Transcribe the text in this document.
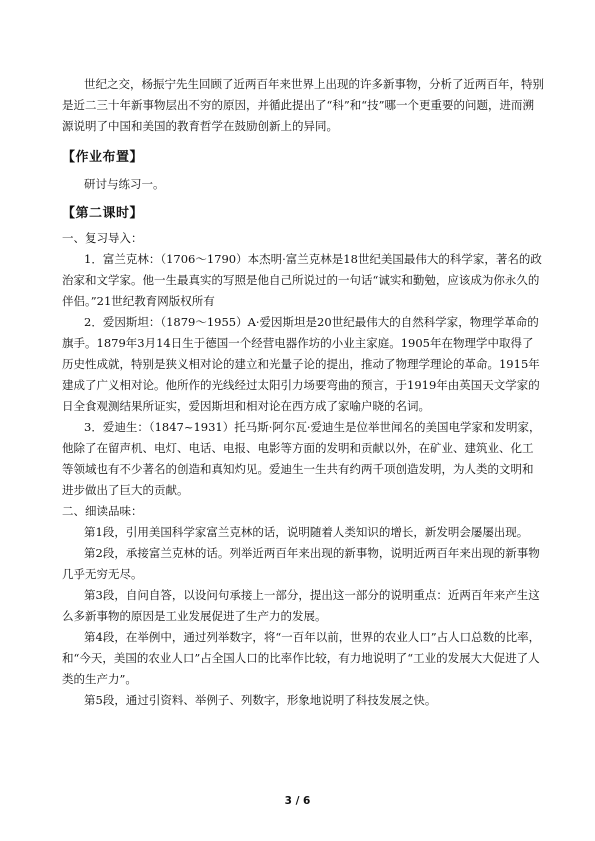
世纪之交，杨振宁先生回顾了近两百年来世界上出现的许多新事物，分析了近两百年，特别是近二三十年新事物层出不穷的原因，并循此提出了“科”和“技”哪一个更重要的问题，进而溯源说明了中国和美国的教育哲学在鼓励创新上的异同。

【作业布置】

研讨与练习一。

【第二课时】

一、复习导入：

1．富兰克林：（1706～1790）本杰明·富兰克林是18世纪美国最伟大的科学家，著名的政治家和文学家。他一生最真实的写照是他自己所说过的一句话“诚实和勤勉，应该成为你永久的伴侣。”21世纪教育网版权所有

2．爱因斯坦：（1879～1955）A·爱因斯坦是20世纪最伟大的自然科学家，物理学革命的旗手。1879年3月14日生于德国一个经营电器作坊的小业主家庭。1905年在物理学中取得了历史性成就，特别是狭义相对论的建立和光量子论的提出，推动了物理学理论的革命。1915年建成了广义相对论。他所作的光线经过太阳引力场要弯曲的预言，于1919年由英国天文学家的日全食观测结果所证实，爱因斯坦和相对论在西方成了家喻户晓的名词。

3．爱迪生：（1847~1931）托马斯·阿尔瓦·爱迪生是位举世闻名的美国电学家和发明家，他除了在留声机、电灯、电话、电报、电影等方面的发明和贡献以外，在矿业、建筑业、化工等领域也有不少著名的创造和真知灼见。爱迪生一生共有约两千项创造发明，为人类的文明和进步做出了巨大的贡献。

二、细读品味：

第1段，引用美国科学家富兰克林的话，说明随着人类知识的增长，新发明会屡屡出现。

第2段，承接富兰克林的话。列举近两百年来出现的新事物，说明近两百年来出现的新事物几乎无穷无尽。

第3段，自问自答，以设问句承接上一部分，提出这一部分的说明重点：近两百年来产生这么多新事物的原因是工业发展促进了生产力的发展。

第4段，在举例中，通过列举数字，将“一百年以前，世界的农业人口”占人口总数的比率，和“今天，美国的农业人口”占全国人口的比率作比较，有力地说明了“工业的发展大大促进了人类的生产力”。

第5段，通过引资料、举例子、列数字，形象地说明了科技发展之快。

3 / 6
